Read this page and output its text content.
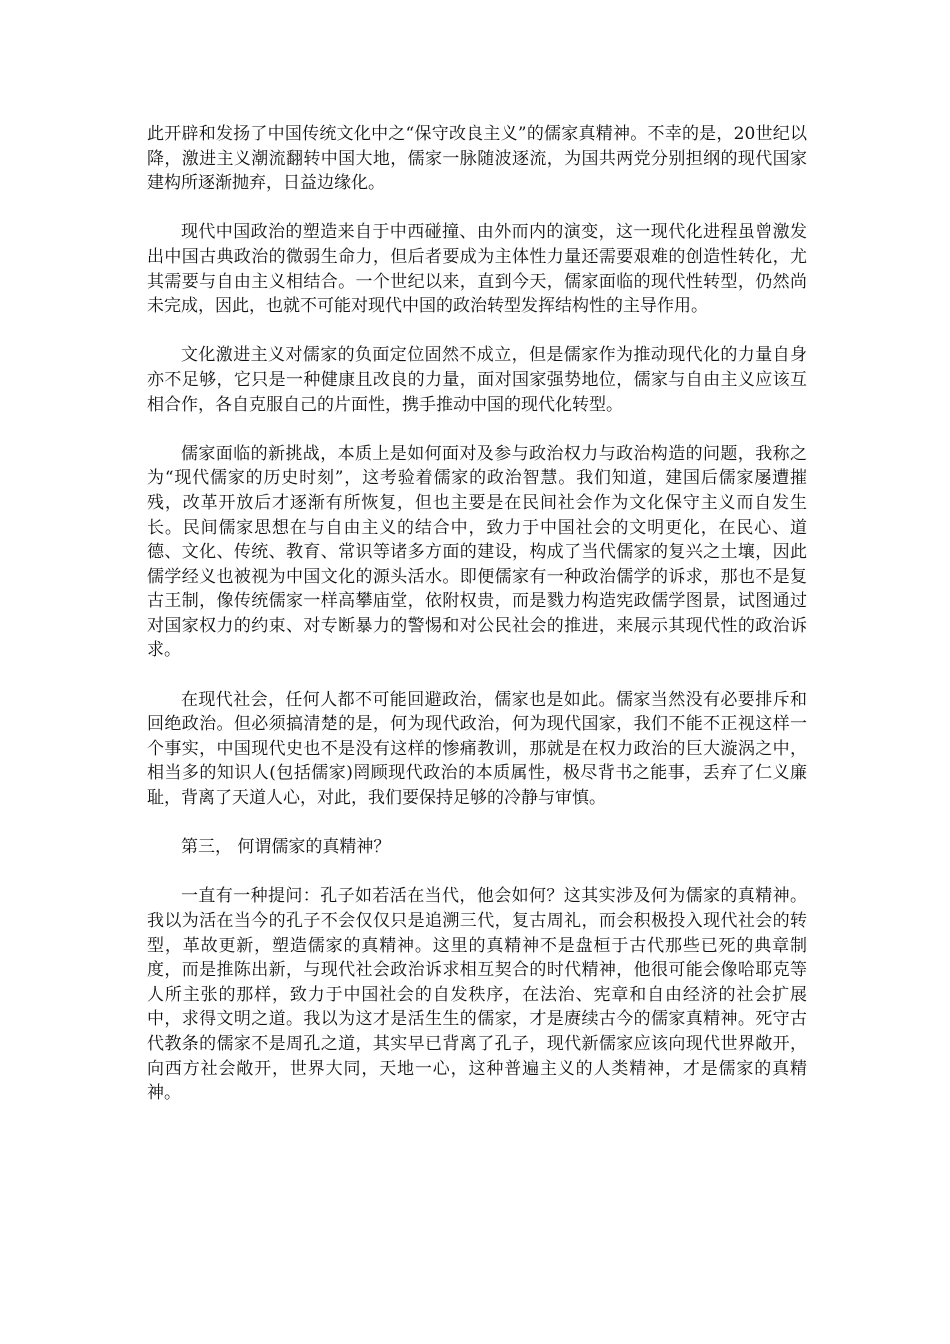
此开辟和发扬了中国传统文化中之“保守改良主义”的儒家真精神。不幸的是，20世纪以降，激进主义潮流翻转中国大地，儒家一脉随波逐流，为国共两党分别担纲的现代国家建构所逐渐抛弃，日益边缘化。

现代中国政治的塑造来自于中西碰撞、由外而内的演变，这一现代化进程虽曾激发出中国古典政治的微弱生命力，但后者要成为主体性力量还需要艰难的创造性转化，尤其需要与自由主义相结合。一个世纪以来，直到今天，儒家面临的现代性转型，仍然尚未完成，因此，也就不可能对现代中国的政治转型发挥结构性的主导作用。

文化激进主义对儒家的负面定位固然不成立，但是儒家作为推动现代化的力量自身亦不足够，它只是一种健康且改良的力量，面对国家强势地位，儒家与自由主义应该互相合作，各自克服自己的片面性，携手推动中国的现代化转型。

儒家面临的新挑战，本质上是如何面对及参与政治权力与政治构造的问题，我称之为“现代儒家的历史时刻”，这考验着儒家的政治智慧。我们知道，建国后儒家屡遭摧残，改革开放后才逐渐有所恢复，但也主要是在民间社会作为文化保守主义而自发生长。民间儒家思想在与自由主义的结合中，致力于中国社会的文明更化，在民心、道德、文化、传统、教育、常识等诸多方面的建设，构成了当代儒家的复兴之土壤，因此儒学经义也被视为中国文化的源头活水。即便儒家有一种政治儒学的诉求，那也不是复古王制，像传统儒家一样高攀庙堂，依附权贵，而是戮力构造宪政儒学图景，试图通过对国家权力的约束、对专断暴力的警惕和对公民社会的推进，来展示其现代性的政治诉求。

在现代社会，任何人都不可能回避政治，儒家也是如此。儒家当然没有必要排斥和回绝政治。但必须搞清楚的是，何为现代政治，何为现代国家，我们不能不正视这样一个事实，中国现代史也不是没有这样的惨痛教训，那就是在权力政治的巨大漩涡之中，相当多的知识人(包括儒家)罔顾现代政治的本质属性，极尽背书之能事，丢弃了仁义廉耻，背离了天道人心，对此，我们要保持足够的冷静与审慎。

第三， 何谓儒家的真精神？

一直有一种提问：孔子如若活在当代，他会如何？这其实涉及何为儒家的真精神。我以为活在当今的孔子不会仅仅只是追溯三代，复古周礼，而会积极投入现代社会的转型，革故更新，塑造儒家的真精神。这里的真精神不是盘桓于古代那些已死的典章制度，而是推陈出新，与现代社会政治诉求相互契合的时代精神，他很可能会像哈耶克等人所主张的那样，致力于中国社会的自发秩序，在法治、宪章和自由经济的社会扩展中，求得文明之道。我以为这才是活生生的儒家，才是赓续古今的儒家真精神。死守古代教条的儒家不是周孔之道，其实早已背离了孔子，现代新儒家应该向现代世界敞开，向西方社会敞开，世界大同，天地一心，这种普遍主义的人类精神，才是儒家的真精神。
